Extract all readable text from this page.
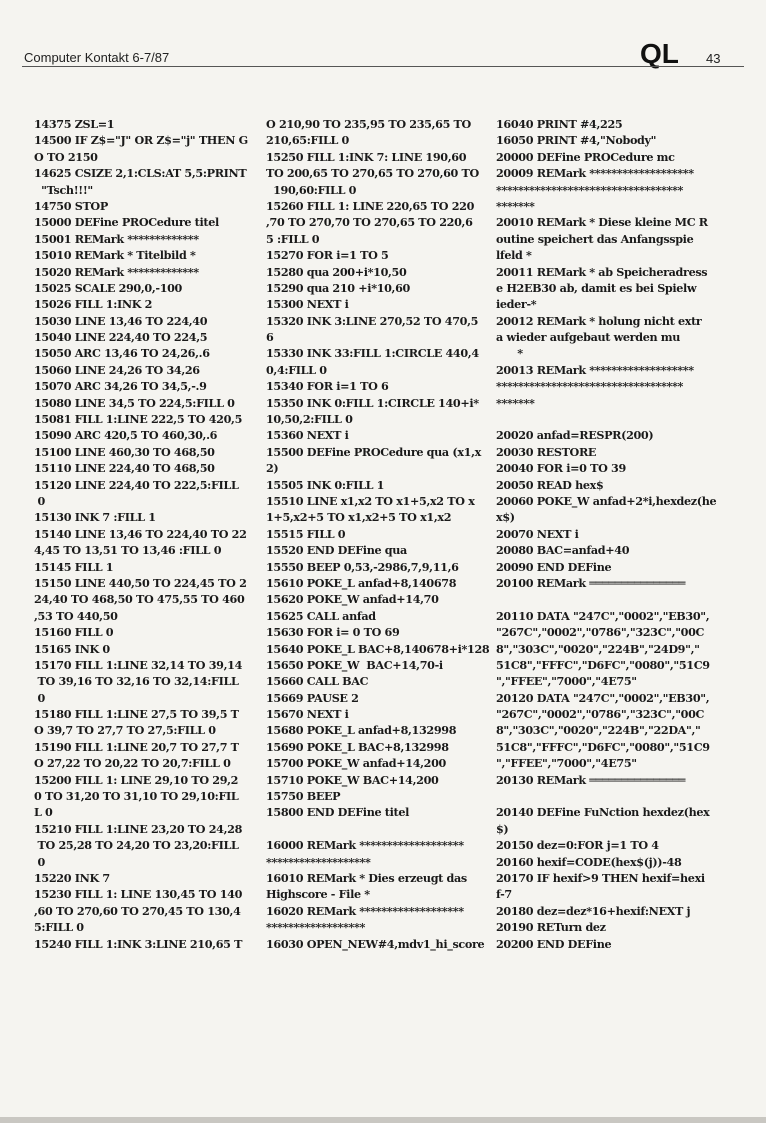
Computer Kontakt 6-7/87	QL 43
14375 ZSL=1
14500 IF Z$="J" OR Z$="j" THEN G
O TO 2150
14625 CSIZE 2,1:CLS:AT 5,5:PRINT
"Tsch!!!"
14750 STOP
15000 DEFine PROCedure titel
15001 REMark *************
15010 REMark * Titelbild *
15020 REMark *************
15025 SCALE 290,0,-100
15026 FILL 1:INK 2
15030 LINE 13,46 TO 224,40
15040 LINE 224,40 TO 224,5
15050 ARC 13,46 TO 24,26,.6
15060 LINE 24,26 TO 34,26
15070 ARC 34,26 TO 34,5,-.9
15080 LINE 34,5 TO 224,5:FILL 0
15081 FILL 1:LINE 222,5 TO 420,5
15090 ARC 420,5 TO 460,30,.6
15100 LINE 460,30 TO 468,50
15110 LINE 224,40 TO 468,50
15120 LINE 224,40 TO 222,5:FILL
0
15130 INK 7 :FILL 1
15140 LINE 13,46 TO 224,40 TO 22
4,45 TO 13,51 TO 13,46 :FILL 0
15145 FILL 1
15150 LINE 440,50 TO 224,45 TO 2
24,40 TO 468,50 TO 475,55 TO 460
,53 TO 440,50
15160 FILL 0
15165 INK 0
15170 FILL 1:LINE 32,14 TO 39,14
TO 39,16 TO 32,16 TO 32,14:FILL
0
15180 FILL 1:LINE 27,5 TO 39,5 T
O 39,7 TO 27,7 TO 27,5:FILL 0
15190 FILL 1:LINE 20,7 TO 27,7 T
O 27,22 TO 20,22 TO 20,7:FILL 0
15200 FILL 1: LINE 29,10 TO 29,2
0 TO 31,20 TO 31,10 TO 29,10:FIL
L 0
15210 FILL 1:LINE 23,20 TO 24,28
TO 25,28 TO 24,20 TO 23,20:FILL
0
15220 INK 7
15230 FILL 1: LINE 130,45 TO 140
,60 TO 270,60 TO 270,45 TO 130,4
5:FILL 0
15240 FILL 1:INK 3:LINE 210,65 T
O 210,90 TO 235,95 TO 235,65 TO
210,65:FILL 0
15250 FILL 1:INK 7: LINE 190,60
TO 200,65 TO 270,65 TO 270,60 TO
190,60:FILL 0
15260 FILL 1: LINE 220,65 TO 220
,70 TO 270,70 TO 270,65 TO 220,6
5 :FILL 0
15270 FOR i=1 TO 5
15280 qua 200+i*10,50
15290 qua 210 +i*10,60
15300 NEXT i
15320 INK 3:LINE 270,52 TO 470,5
6
15330 INK 33:FILL 1:CIRCLE 440,4
0,4:FILL 0
15340 FOR i=1 TO 6
15350 INK 0:FILL 1:CIRCLE 140+i*
10,50,2:FILL 0
15360 NEXT i
15500 DEFine PROCedure qua (x1,x
2)
15505 INK 0:FILL 1
15510 LINE x1,x2 TO x1+5,x2 TO x
1+5,x2+5 TO x1,x2+5 TO x1,x2
15515 FILL 0
15520 END DEFine qua
15550 BEEP 0,53,-2986,7,9,11,6
15610 POKE_L anfad+8,140678
15620 POKE_W anfad+14,70
15625 CALL anfad
15630 FOR i= 0 TO 69
15640 POKE_L BAC+8,140678+i*128
15650 POKE_W  BAC+14,70-i
15660 CALL BAC
15669 PAUSE 2
15670 NEXT i
15680 POKE_L anfad+8,132998
15690 POKE_L BAC+8,132998
15700 POKE_W anfad+14,200
15710 POKE_W BAC+14,200
15750 BEEP
15800 END DEFine titel
16000 REMark *******************
*******************
16010 REMark * Dies erzeugt das
Highscore - File *
16020 REMark *******************
******************
16030 OPEN_NEW#4,mdv1_hi_score
16040 PRINT #4,225
16050 PRINT #4,"Nobody"
20000 DEFine PROCedure mc
20009 REMark *******************
**********************************
*******
20010 REMark * Diese kleine MC R
outine speichert das Anfangsspie
lfeld *
20011 REMark * ab Speicheradress
e H2EB30 ab, damit es bei Spielw
ieder-*
20012 REMark * holung nicht extr
a wieder aufgebaut werden mu
*
20013 REMark *******************
**********************************
*******
20020 anfad=RESPR(200)
20030 RESTORE
20040 FOR i=0 TO 39
20050 READ hex$
20060 POKE_W anfad+2*i,hexdez(he
x$)
20070 NEXT i
20080 BAC=anfad+40
20090 END DEFine
20100 REMark ═══════════════
20110 DATA "247C","0002","EB30",
"267C","0002","0786","323C","00C
8","303C","0020","224B","24D9","
51C8","FFFC","D6FC","0080","51C9
","FFEE","7000","4E75"
20120 DATA "247C","0002","EB30",
"267C","0002","0786","323C","00C
8","303C","0020","224B","22DA","
51C8","FFFC","D6FC","0080","51C9
","FFEE","7000","4E75"
20130 REMark ═══════════════
20140 DEFine FuNction hexdez(hex
$)
20150 dez=0:FOR j=1 TO 4
20160 hexif=CODE(hex$(j))-48
20170 IF hexif>9 THEN hexif=hexi
f-7
20180 dez=dez*16+hexif:NEXT j
20190 RETurn dez
20200 END DEFine
